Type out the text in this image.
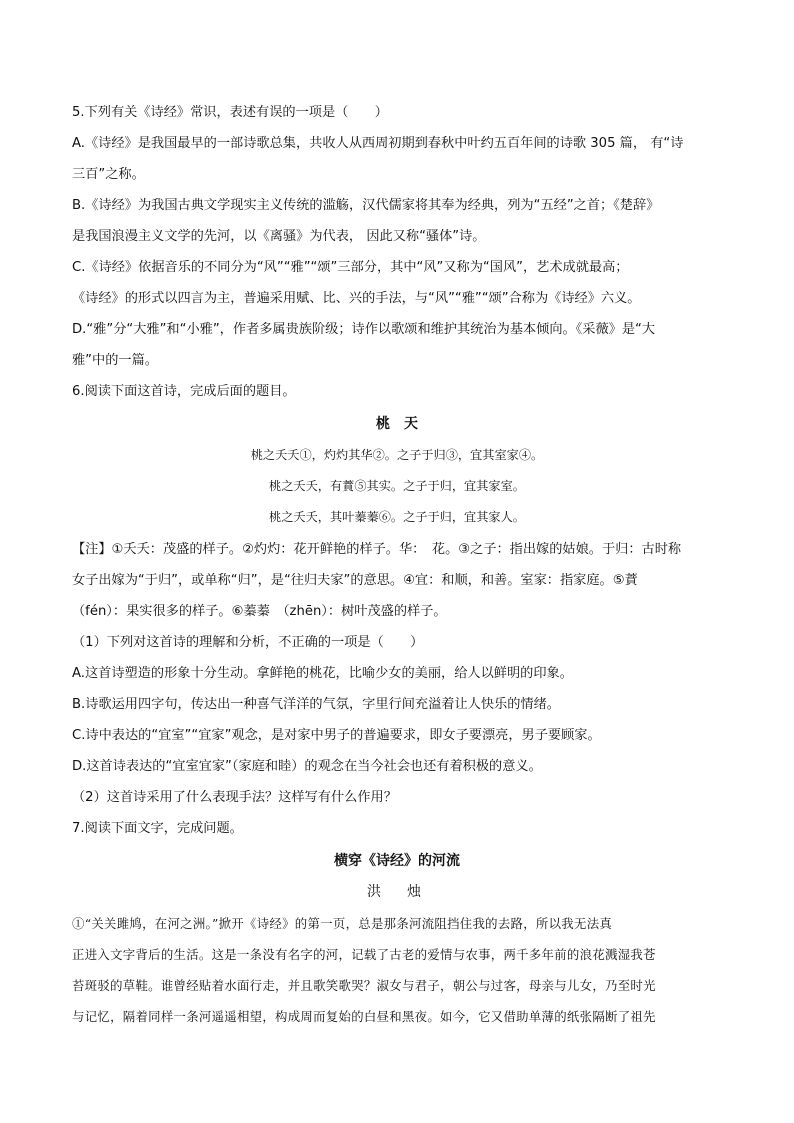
5.下列有关《诗经》常识，表述有误的一项是（　　）
A.《诗经》是我国最早的一部诗歌总集，共收人从西周初期到春秋中叶约五百年间的诗歌 305 篇， 有“诗
三百”之称。
B.《诗经》为我国古典文学现实主义传统的滥觞，汉代儒家将其奉为经典，列为“五经”之首；《楚辞》
是我国浪漫主义文学的先河，以《离骚》为代表， 因此又称“骚体”诗。
C.《诗经》依据音乐的不同分为“风”“雅”“颂”三部分，其中“风”又称为“国风”，艺术成就最高；
《诗经》的形式以四言为主，普遍采用赋、比、兴的手法，与“风”“雅”“颂”合称为《诗经》六义。
D.“雅”分“大雅”和“小雅”，作者多属贵族阶级；诗作以歌颂和维护其统治为基本倾向。《采薇》是“大
雅”中的一篇。
6.阅读下面这首诗，完成后面的题目。
桃　天
桃之夭夭①，灼灼其华②。之子于归③，宜其室家④。
桃之夭夭，有蕡⑤其实。之子于归，宜其家室。
桃之夭夭，其叶蓁蓁⑥。之子于归，宜其家人。
【注】①夭夭：茂盛的样子。②灼灼：花开鲜艳的样子。华：　花。③之子：指出嫁的姑娘。于归：古时称
女子出嫁为“于归”，或单称“归”，是“往归夫家”的意思。④宜：和顺，和善。室家：指家庭。⑤蕡
（fén）：果实很多的样子。⑥蓁蓁　（zhēn）：树叶茂盛的样子。
（1）下列对这首诗的理解和分析，不正确的一项是（　　）
A.这首诗塑造的形象十分生动。拿鲜艳的桃花，比喻少女的美丽，给人以鲜明的印象。
B.诗歌运用四字句，传达出一种喜气洋洋的气氛，字里行间充溢着让人快乐的情绪。
C.诗中表达的“宜室”“宜家”观念，是对家中男子的普遍要求，即女子要漂亮，男子要顾家。
D.这首诗表达的“宜室宜家”（家庭和睦）的观念在当今社会也还有着积极的意义。
（2）这首诗采用了什么表现手法？这样写有什么作用？
7.阅读下面文字，完成问题。
横穿《诗经》的河流
洪　烛
①“关关雎鸠，在河之洲。”掀开《诗经》的第一页，总是那条河流阻挡住我的去路，所以我无法真
正进入文字背后的生活。这是一条没有名字的河，记载了古老的爱情与农事，两千多年前的浪花溅湿我苍
苔斑驳的草鞋。谁曾经贴着水面行走，并且歌笑歌哭？淑女与君子，朝公与过客，母亲与儿女，乃至时光
与记忆，隔着同样一条河遥遥相望，构成周而复始的白昼和黑夜。如今，它又借助单薄的纸张隔断了祖先
